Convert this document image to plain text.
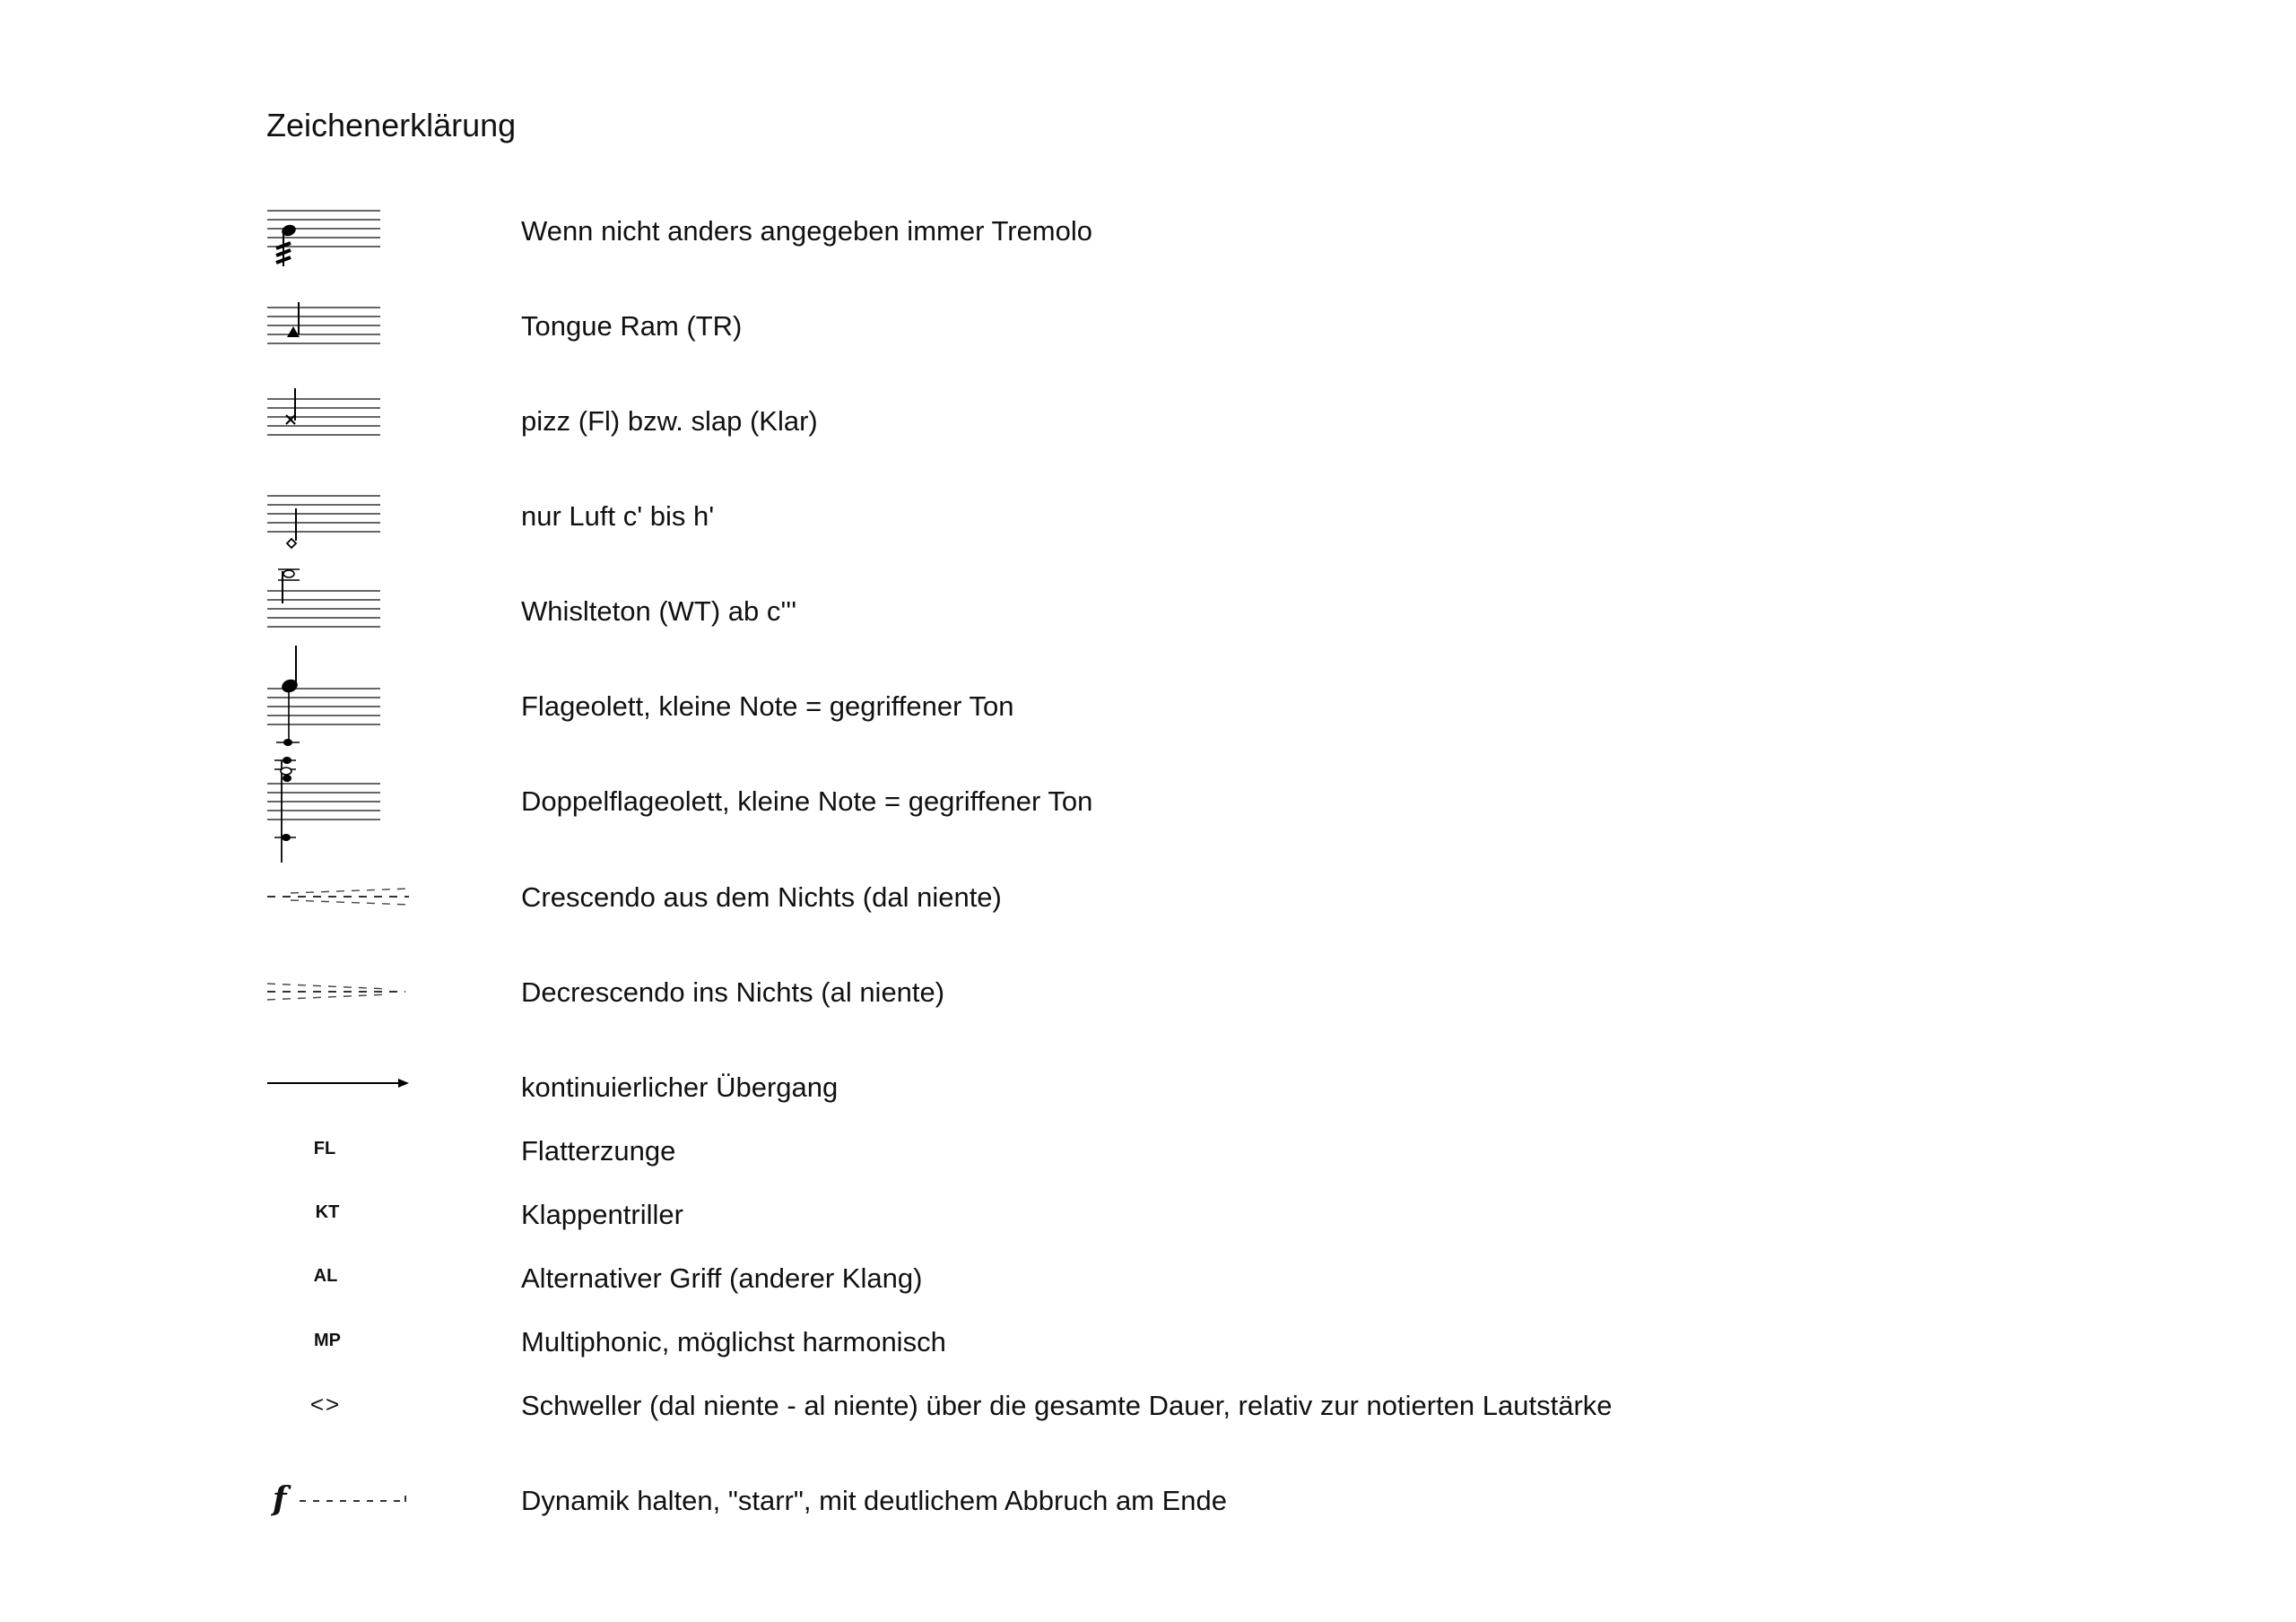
Zeichenerklärung
Wenn nicht anders angegeben immer Tremolo
Tongue Ram (TR)
pizz (Fl) bzw. slap (Klar)
nur Luft c' bis h'
Whislteton (WT) ab c'''
Flageolett, kleine Note = gegriffener Ton
Doppelflageolett, kleine Note = gegriffener Ton
Crescendo aus dem Nichts (dal niente)
Decrescendo ins Nichts (al niente)
kontinuierlicher Übergang
FL	Flatterzunge
KT	Klappentriller
AL	Alternativer Griff (anderer Klang)
MP	Multiphonic, möglichst harmonisch
<>	Schweller (dal niente - al niente) über die gesamte Dauer, relativ zur notierten Lautstärke
f	Dynamik halten, "starr", mit deutlichem Abbruch am Ende
